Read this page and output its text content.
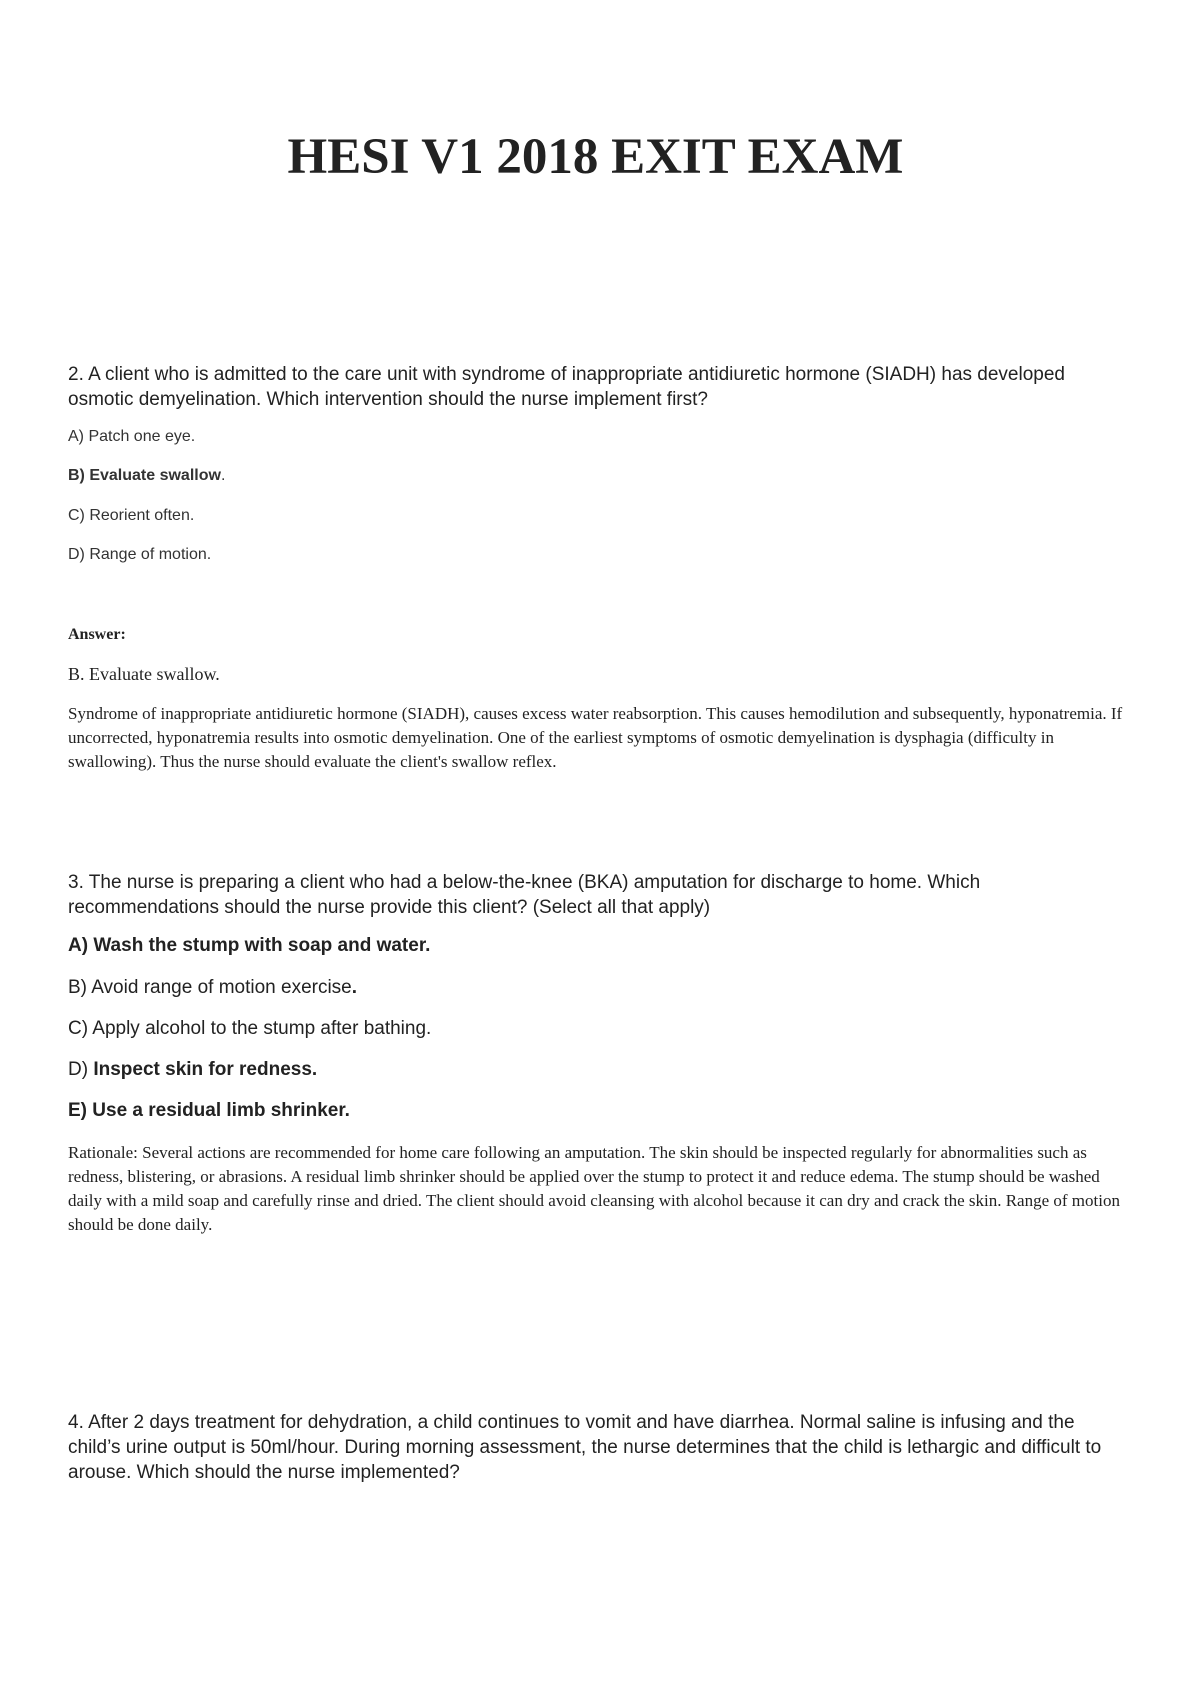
HESI V1 2018 EXIT EXAM

2. A client who is admitted to the care unit with syndrome of inappropriate antidiuretic hormone (SIADH) has developed osmotic demyelination. Which intervention should the nurse implement first?

A) Patch one eye.

B) Evaluate swallow.

C) Reorient often.

D) Range of motion.

Answer:

B. Evaluate swallow.

Syndrome of inappropriate antidiuretic hormone (SIADH), causes excess water reabsorption. This causes hemodilution and subsequently, hyponatremia. If uncorrected, hyponatremia results into osmotic demyelination. One of the earliest symptoms of osmotic demyelination is dysphagia (difficulty in swallowing). Thus the nurse should evaluate the client's swallow reflex.

3. The nurse is preparing a client who had a below-the-knee (BKA) amputation for discharge to home. Which recommendations should the nurse provide this client? (Select all that apply)

A) Wash the stump with soap and water.

B) Avoid range of motion exercise.

C) Apply alcohol to the stump after bathing.

D) Inspect skin for redness.

E) Use a residual limb shrinker.

Rationale: Several actions are recommended for home care following an amputation. The skin should be inspected regularly for abnormalities such as redness, blistering, or abrasions. A residual limb shrinker should be applied over the stump to protect it and reduce edema. The stump should be washed daily with a mild soap and carefully rinse and dried. The client should avoid cleansing with alcohol because it can dry and crack the skin. Range of motion should be done daily.

4. After 2 days treatment for dehydration, a child continues to vomit and have diarrhea. Normal saline is infusing and the child’s urine output is 50ml/hour. During morning assessment, the nurse determines that the child is lethargic and difficult to arouse. Which should the nurse implemented?
